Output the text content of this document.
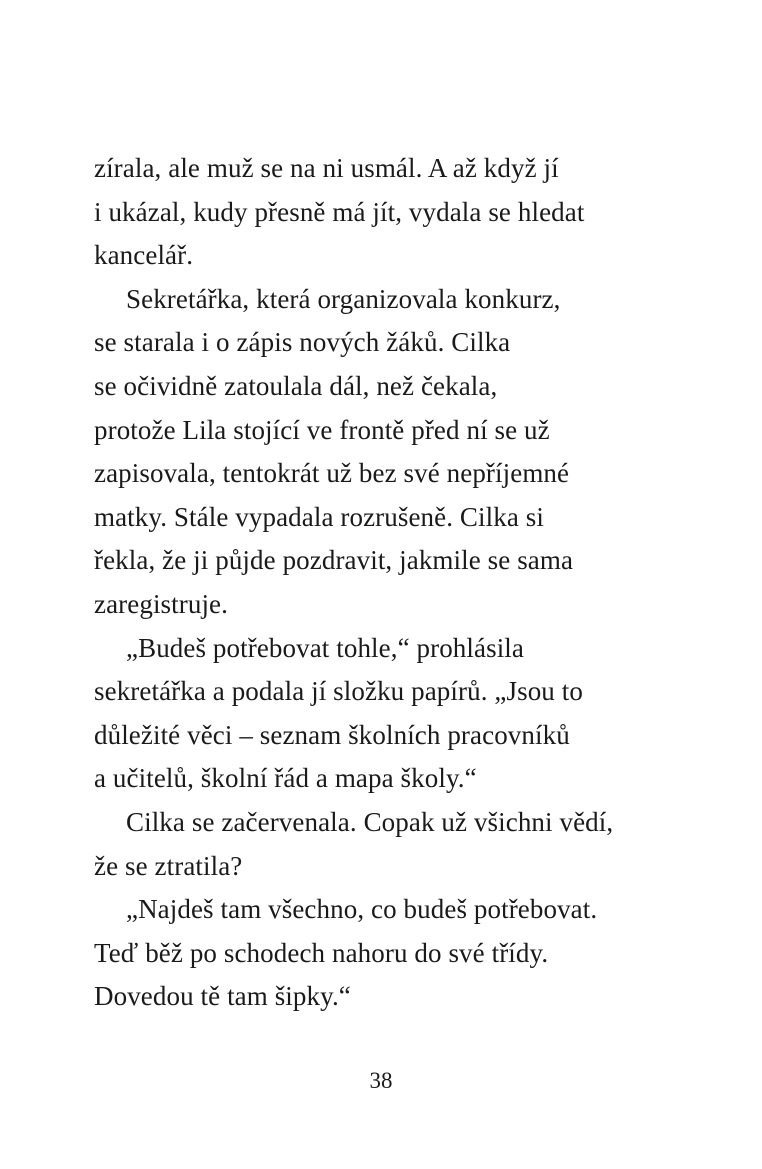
zírala, ale muž se na ni usmál. A až když jí
i ukázal, kudy přesně má jít, vydala se hledat
kancelář.
Sekretářka, která organizovala konkurz,
se starala i o zápis nových žáků. Cilka
se očividně zatoulala dál, než čekala,
protože Lila stojící ve frontě před ní se už
zapisovala, tentokrát už bez své nepříjemné
matky. Stále vypadala rozrušeně. Cilka si
řekla, že ji půjde pozdravit, jakmile se sama
zaregistruje.
„Budeš potřebovat tohle,“ prohlásila
sekretářka a podala jí složku papírů. „Jsou to
důležité věci – seznam školních pracovníků
a učitelů, školní řád a mapa školy.“
Cilka se začervenala. Copak už všichni vědí,
že se ztratila?
„Najdeš tam všechno, co budeš potřebovat.
Teď běž po schodech nahoru do své třídy.
Dovedou tě tam šipky.“
38
